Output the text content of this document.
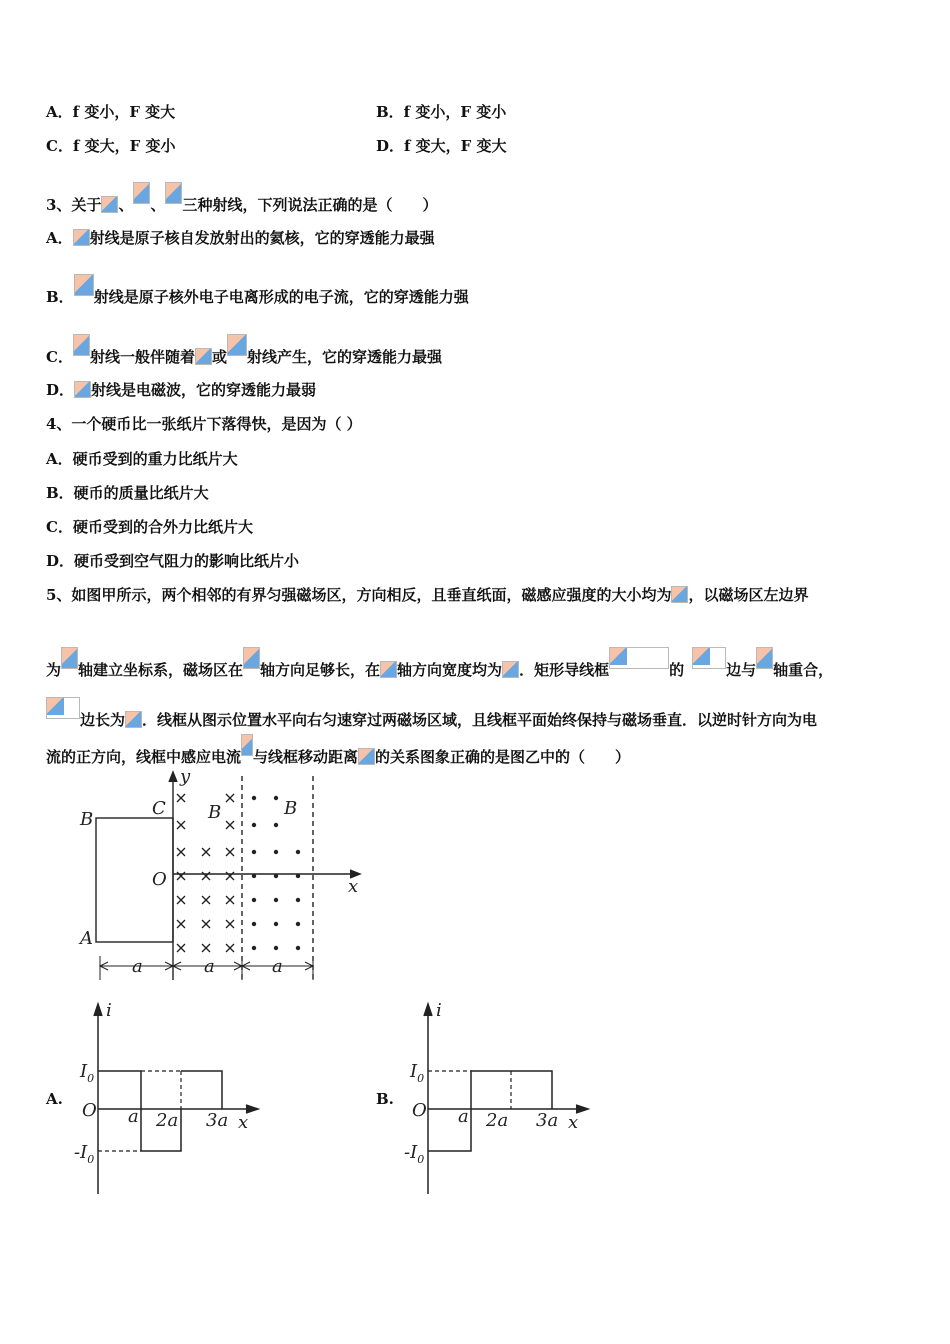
A．f 变小，F 变大	B．f 变小，F 变小
C．f 变大，F 变小	D．f 变大，F 变大
3、关于 、 、 三种射线，下列说法正确的是（　　）
A． 射线是原子核自发放射出的氦核，它的穿透能力最强
B． 射线是原子核外电子电离形成的电子流，它的穿透能力强
C． 射线一般伴随着 或 射线产生，它的穿透能力最强
D． 射线是电磁波，它的穿透能力最弱
4、一个硬币比一张纸片下落得快，是因为（ ）
A．硬币受到的重力比纸片大
B．硬币的质量比纸片大
C．硬币受到的合外力比纸片大
D．硬币受到空气阻力的影响比纸片小
5、如图甲所示，两个相邻的有界匀强磁场区，方向相反，且垂直纸面，磁感应强度的大小均为 ，以磁场区左边界
为 轴建立坐标系，磁场区在 轴方向足够长，在 轴方向宽度均为 ．矩形导线框	的	边与 轴重合，
边长为 ．线框从图示位置水平向右匀速穿过两磁场区域，且线框平面始终保持与磁场垂直．以逆时针方向为电
流的正方向，线框中感应电流 与线框移动距离 的关系图象正确的是图乙中的（　　）
B
C
A
O
y
x
B	B
a	a	a
A.
i
$I_0$
$-I_0$
O a 2a 3a x
B.
i
$I_0$
$-I_0$
O a 2a 3a x
